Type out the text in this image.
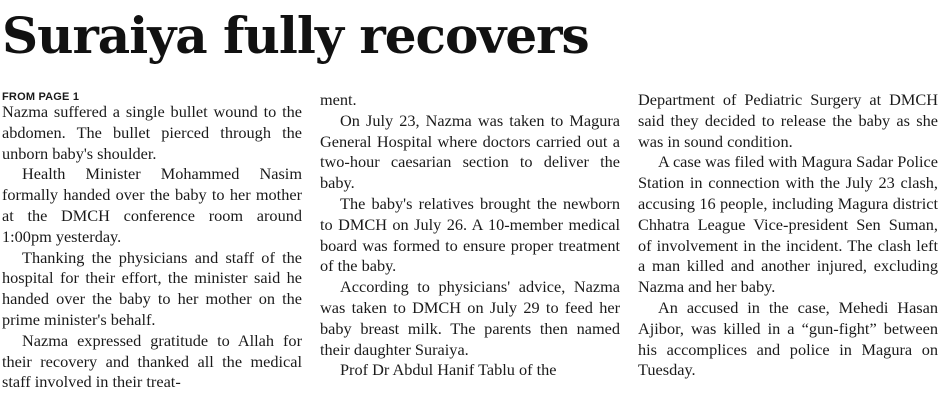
Suraiya fully recovers
FROM PAGE 1

Nazma suffered a single bullet wound to the abdomen. The bullet pierced through the unborn baby's shoulder.

Health Minister Mohammed Nasim formally handed over the baby to her mother at the DMCH conference room around 1:00pm yesterday.

Thanking the physicians and staff of the hospital for their effort, the minister said he handed over the baby to her mother on the prime minister's behalf.

Nazma expressed gratitude to Allah for their recovery and thanked all the medical staff involved in their treat-

ment.

On July 23, Nazma was taken to Magura General Hospital where doctors carried out a two-hour caesarian section to deliver the baby.

The baby's relatives brought the newborn to DMCH on July 26. A 10-member medical board was formed to ensure proper treatment of the baby.

According to physicians' advice, Nazma was taken to DMCH on July 29 to feed her baby breast milk. The parents then named their daughter Suraiya.

Prof Dr Abdul Hanif Tablu of the

Department of Pediatric Surgery at DMCH said they decided to release the baby as she was in sound condition.

A case was filed with Magura Sadar Police Station in connection with the July 23 clash, accusing 16 people, including Magura district Chhatra League Vice-president Sen Suman, of involvement in the incident. The clash left a man killed and another injured, excluding Nazma and her baby.

An accused in the case, Mehedi Hasan Ajibor, was killed in a “gun-fight” between his accomplices and police in Magura on Tuesday.
